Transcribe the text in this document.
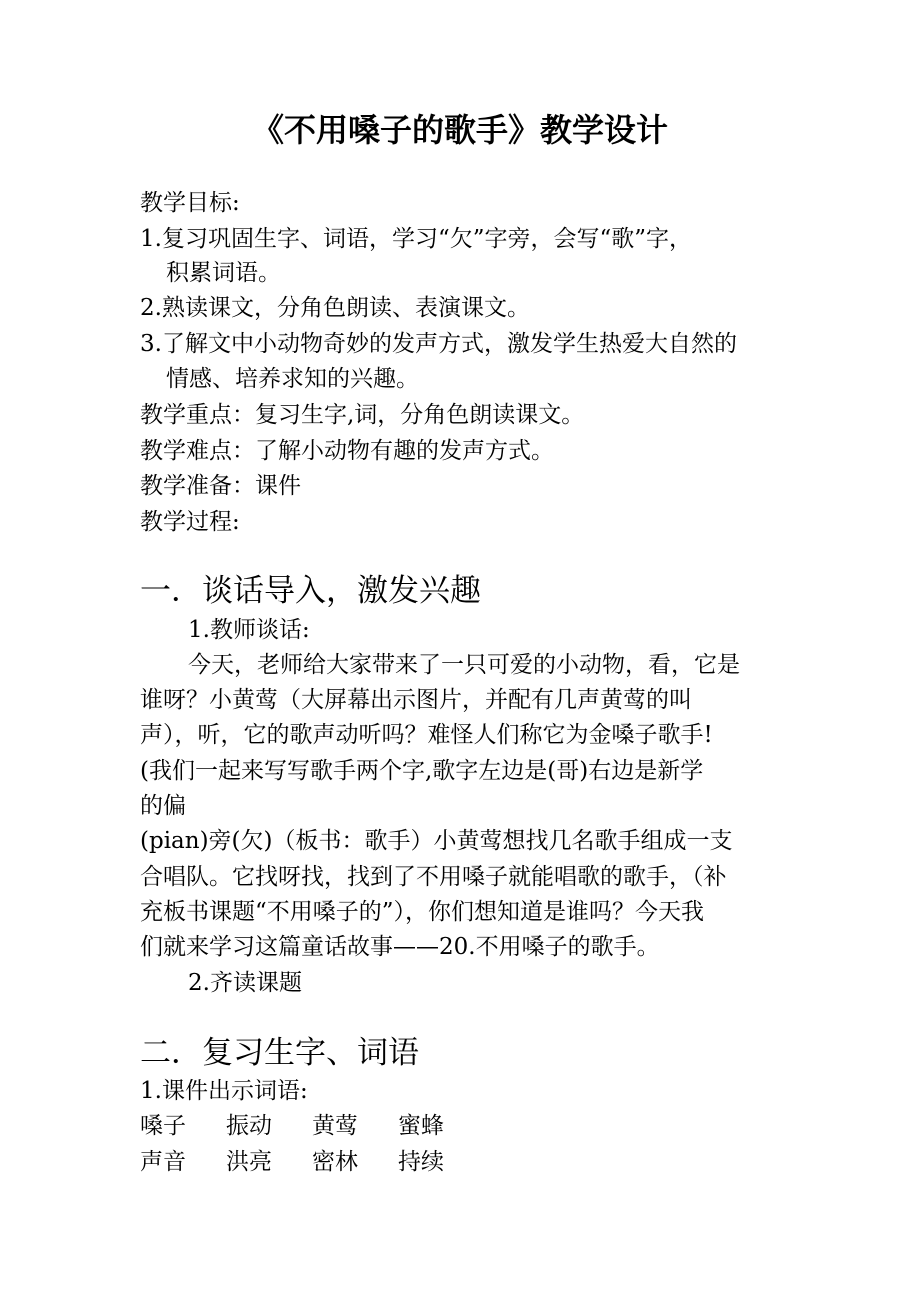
《不用嗓子的歌手》教学设计
教学目标:
1.复习巩固生字、词语，学习“欠”字旁，会写“歌”字，
积累词语。
2.熟读课文，分角色朗读、表演课文。
3.了解文中小动物奇妙的发声方式，激发学生热爱大自然的
情感、培养求知的兴趣。
教学重点：复习生字,词，分角色朗读课文。
教学难点：了解小动物有趣的发声方式。
教学准备：课件
教学过程:
一．谈话导入，激发兴趣
1.教师谈话:
今天，老师给大家带来了一只可爱的小动物，看，它是
谁呀？小黄莺（大屏幕出示图片，并配有几声黄莺的叫
声），听，它的歌声动听吗？难怪人们称它为金嗓子歌手!
(我们一起来写写歌手两个字,歌字左边是(哥)右边是新学
的偏
(pian)旁(欠)（板书：歌手）小黄莺想找几名歌手组成一支
合唱队。它找呀找，找到了不用嗓子就能唱歌的歌手，（补
充板书课题“不用嗓子的”），你们想知道是谁吗？今天我
们就来学习这篇童话故事——20.不用嗓子的歌手。
2.齐读课题
二．复习生字、词语
1.课件出示词语:
嗓子 振动 黄莺 蜜蜂
声音 洪亮 密林 持续
